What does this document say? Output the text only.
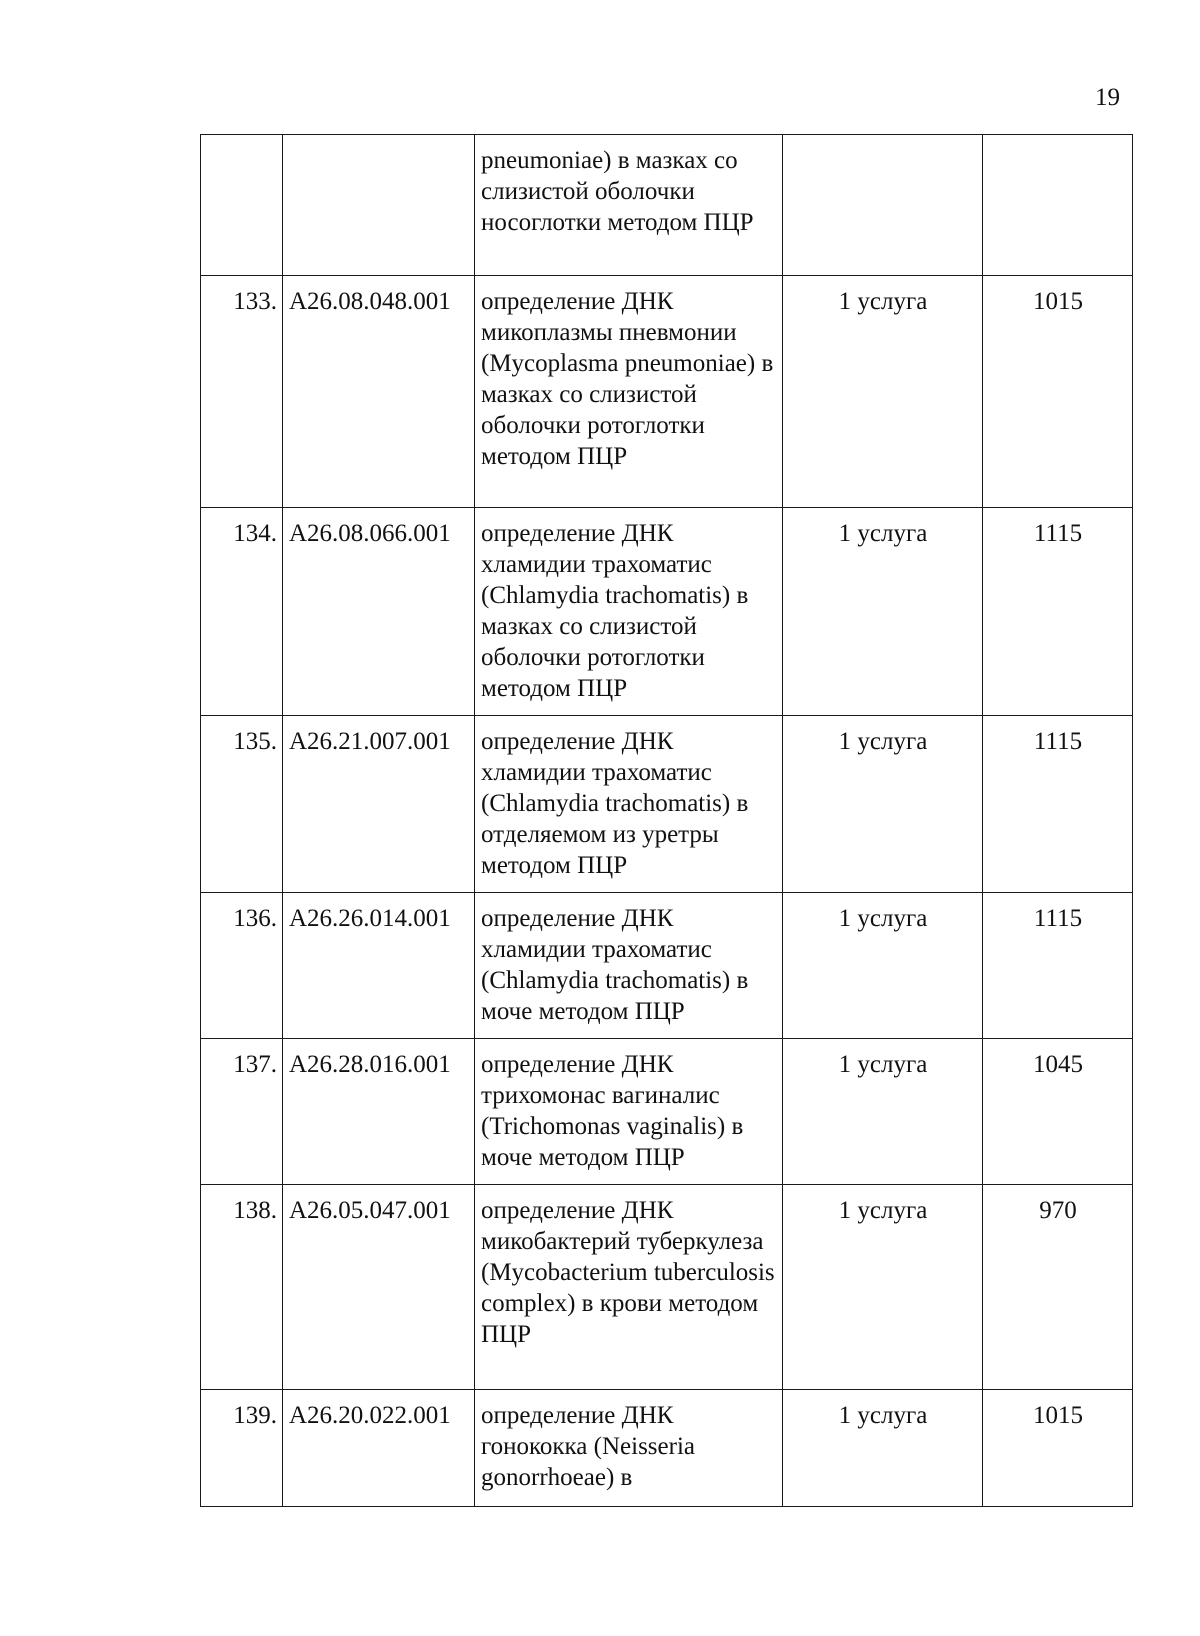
19
		pneumoniae) в мазках со слизистой оболочки носоглотки методом ПЦР		
133.	A26.08.048.001	определение ДНК микоплазмы пневмонии (Mycoplasma pneumoniae) в мазках со слизистой оболочки ротоглотки методом ПЦР	1 услуга	1015
134.	A26.08.066.001	определение ДНК хламидии трахоматис (Chlamydia trachomatis) в мазках со слизистой оболочки ротоглотки методом ПЦР	1 услуга	1115
135.	A26.21.007.001	определение ДНК хламидии трахоматис (Chlamydia trachomatis) в отделяемом из уретры методом ПЦР	1 услуга	1115
136.	A26.26.014.001	определение ДНК хламидии трахоматис (Chlamydia trachomatis) в моче методом ПЦР	1 услуга	1115
137.	A26.28.016.001	определение ДНК трихомонас вагиналис (Trichomonas vaginalis) в моче методом ПЦР	1 услуга	1045
138.	A26.05.047.001	определение ДНК микобактерий туберкулеза (Mycobacterium tuberculosis complex) в крови методом ПЦР	1 услуга	970
139.	A26.20.022.001	определение ДНК гонококка (Neisseria gonorrhoeae) в	1 услуга	1015
